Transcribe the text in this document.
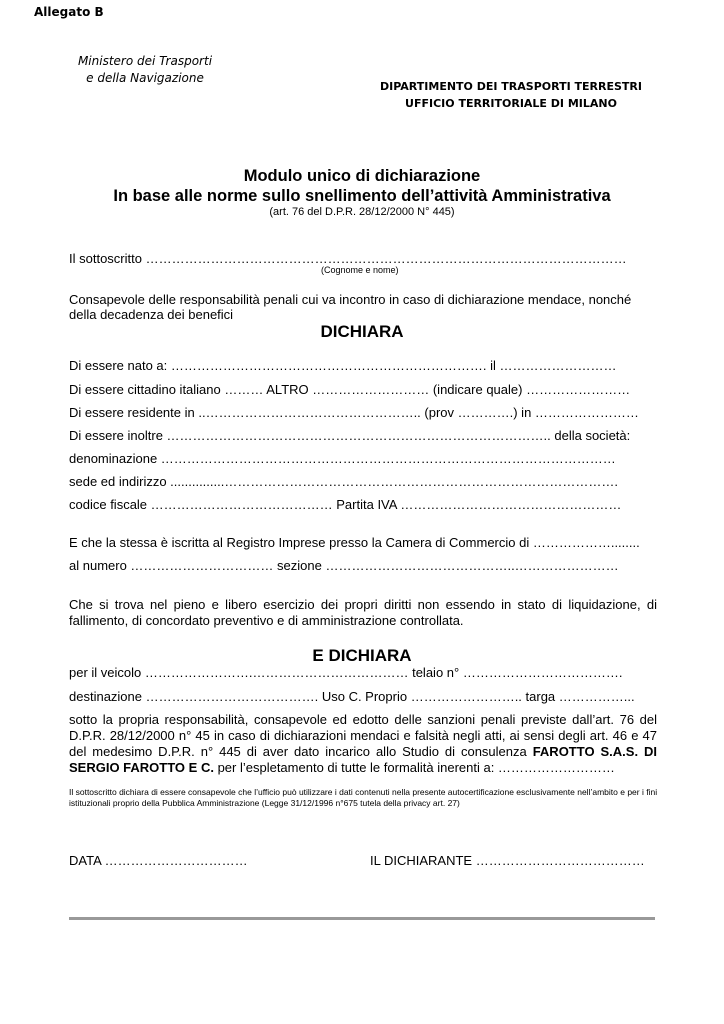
Allegato B
Ministero dei Trasporti
e della Navigazione
DIPARTIMENTO DEI TRASPORTI TERRESTRI
UFFICIO TERRITORIALE DI MILANO
Modulo unico di dichiarazione
In base alle norme sullo snellimento dell’attività Amministrativa
(art. 76 del D.P.R. 28/12/2000 N° 445)
Il sottoscritto …………………………………………………………………………………………………
(Cognome e nome)
Consapevole delle responsabilità penali cui va incontro in caso di dichiarazione mendace, nonché
della decadenza dei benefici
DICHIARA
Di essere nato a: ………………………………………………………………. il ………………………
Di essere cittadino italiano ……… ALTRO ……………………… (indicare quale) ……………………
Di essere residente in ..………………………………………….. (prov ………….) in ……………………
Di essere inoltre …………………………………………………………………………….. della società:
denominazione ……………………………………………………………………………………………
sede ed indirizzo ...............……………………………………………………………………………….
codice fiscale …………………………………… Partita IVA ……………………………………………
E che la stessa è iscritta al Registro Imprese presso la Camera di Commercio di ………………........
al numero …………………………… sezione ……………………………………..……………………
Che si trova nel pieno e libero esercizio dei propri diritti non essendo in stato di liquidazione, di fallimento, di concordato preventivo e di amministrazione controllata.
E DICHIARA
per il veicolo …………………….……………………………… telaio n° ……………………………….
destinazione …………………………………. Uso C. Proprio …………………….. targa ……………...
sotto la propria responsabilità, consapevole ed edotto delle sanzioni penali previste dall’art. 76 del D.P.R. 28/12/2000 n° 45 in caso di dichiarazioni mendaci e falsità negli atti, ai sensi degli art. 46 e 47 del medesimo D.P.R. n° 445 di aver dato incarico allo Studio di consulenza FAROTTO S.A.S. DI SERGIO FAROTTO E C. per l’espletamento di tutte le formalità inerenti a: ………………………
Il sottoscritto dichiara di essere consapevole che l’ufficio può utilizzare i dati contenuti nella presente autocertificazione esclusivamente nell’ambito e per i fini istituzionali proprio della Pubblica Amministrazione (Legge 31/12/1996 n°675 tutela della privacy art. 27)
DATA ……………………………	IL DICHIARANTE …………………………………
